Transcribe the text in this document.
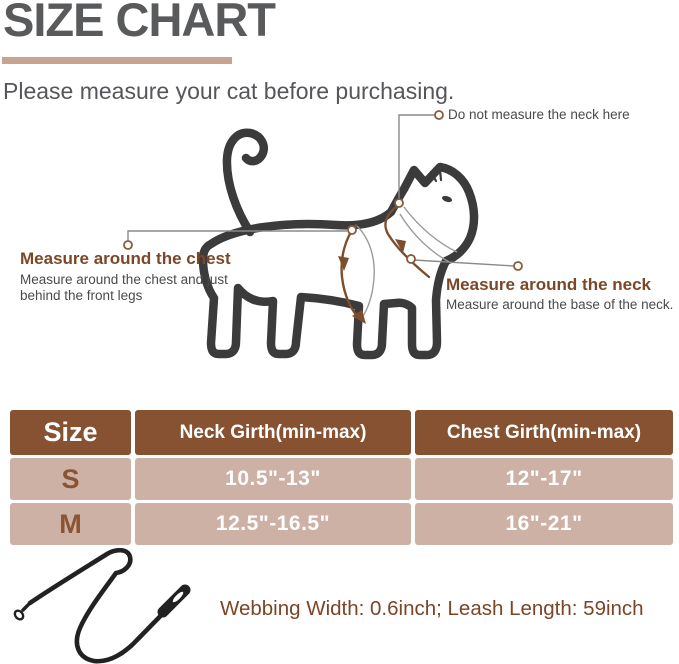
SIZE CHART
Please measure your cat before purchasing.
Do not measure the neck here
Measure around the chest
Measure around the chest and just
behind the front legs
Measure around the neck
Measure around the base of the neck.
Size	Neck Girth(min-max)	Chest Girth(min-max)
S	10.5"-13"	12"-17"
M	12.5"-16.5"	16"-21"
Webbing Width: 0.6inch; Leash Length: 59inch
